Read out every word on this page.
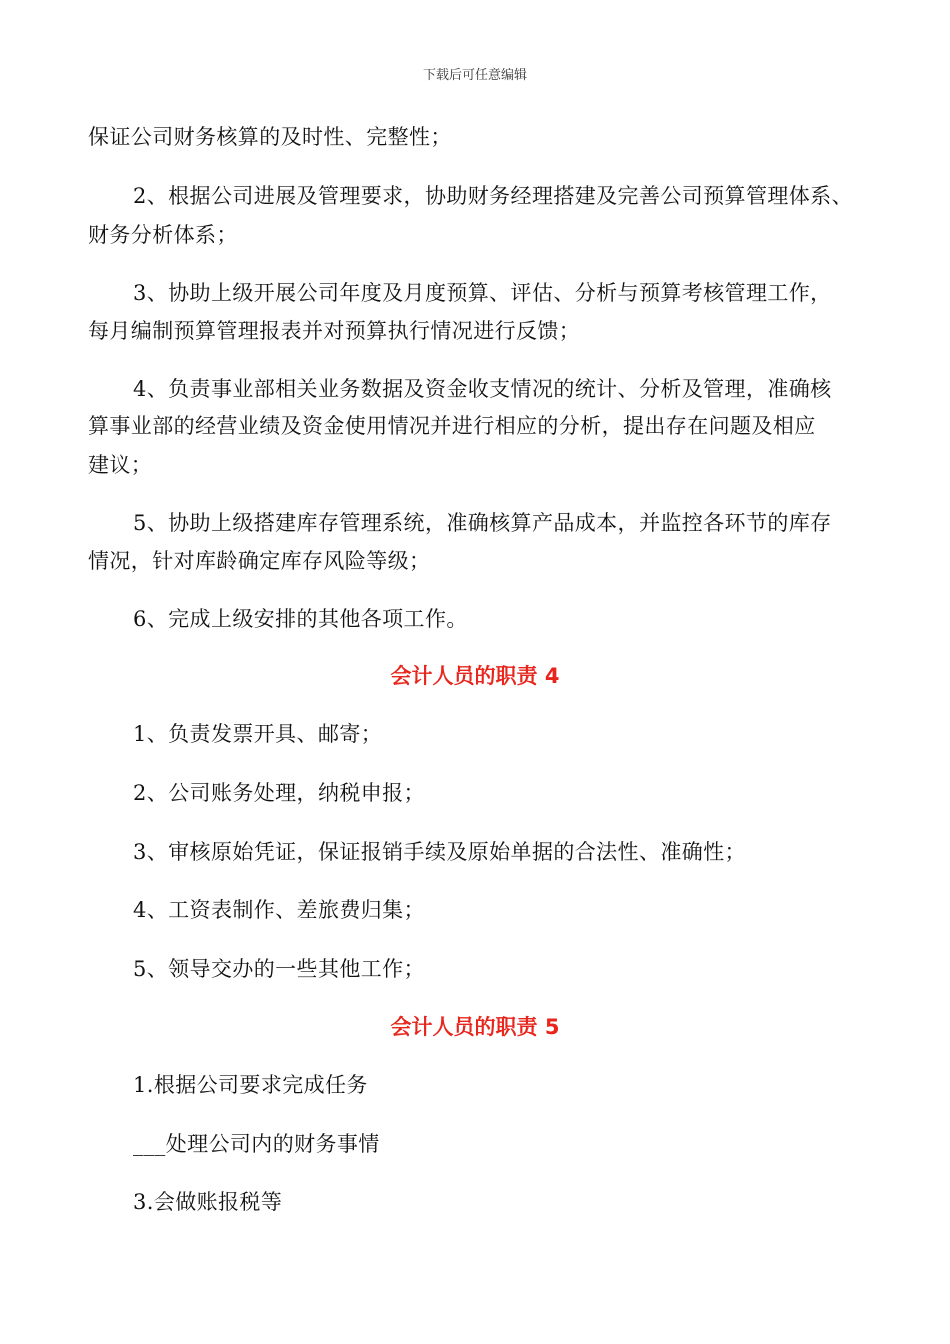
下载后可任意编辑
保证公司财务核算的及时性、完整性；
2、根据公司进展及管理要求，协助财务经理搭建及完善公司预算管理体系、
财务分析体系；
3、协助上级开展公司年度及月度预算、评估、分析与预算考核管理工作，
每月编制预算管理报表并对预算执行情况进行反馈；
4、负责事业部相关业务数据及资金收支情况的统计、分析及管理，准确核
算事业部的经营业绩及资金使用情况并进行相应的分析，提出存在问题及相应
建议；
5、协助上级搭建库存管理系统，准确核算产品成本，并监控各环节的库存
情况，针对库龄确定库存风险等级；
6、完成上级安排的其他各项工作。
会计人员的职责 4
1、负责发票开具、邮寄；
2、公司账务处理，纳税申报；
3、审核原始凭证，保证报销手续及原始单据的合法性、准确性；
4、工资表制作、差旅费归集；
5、领导交办的一些其他工作；
会计人员的职责 5
1.根据公司要求完成任务
___处理公司内的财务事情
3.会做账报税等
